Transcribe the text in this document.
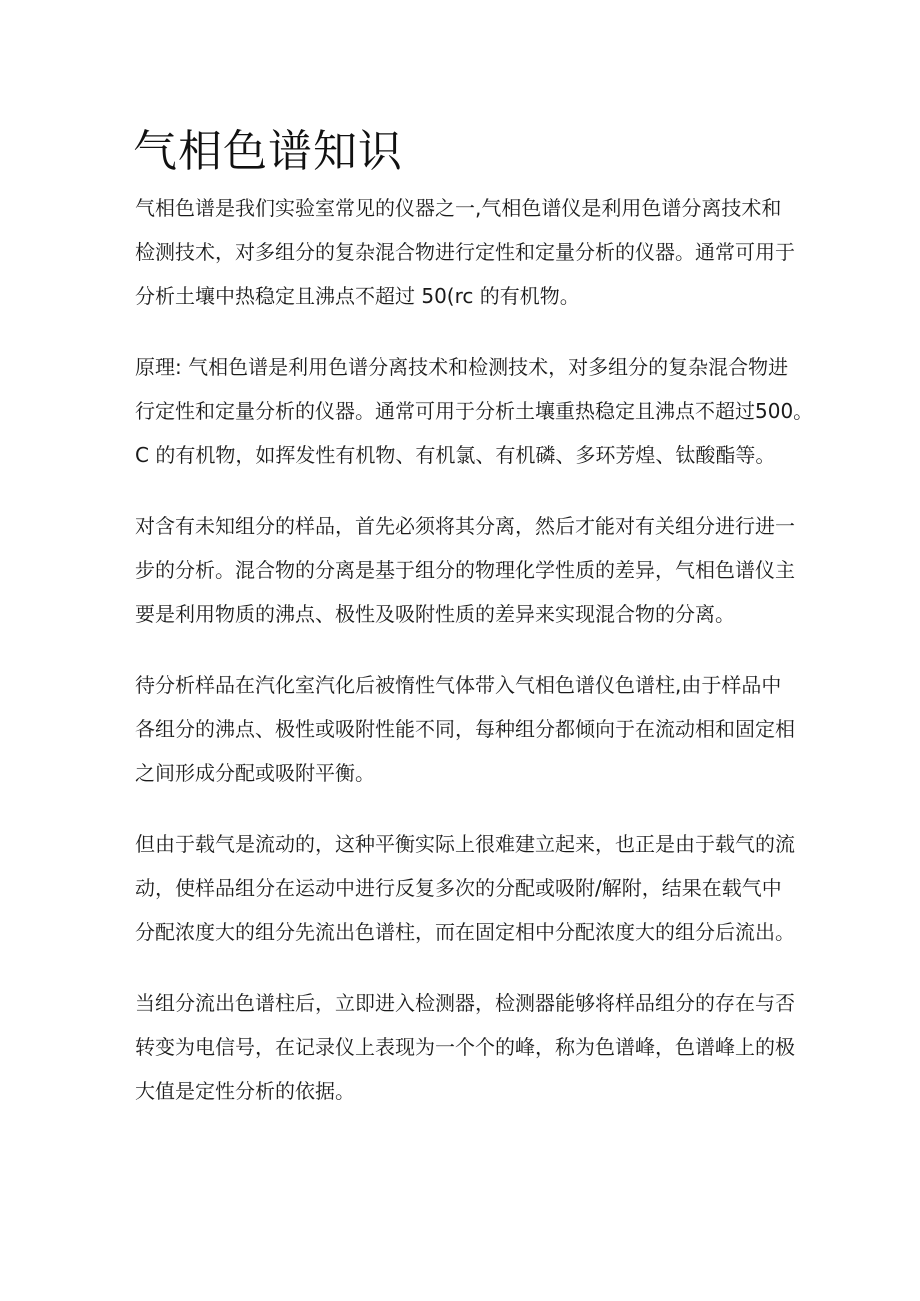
气相色谱知识

气相色谱是我们实验室常见的仪器之一,气相色谱仪是利用色谱分离技术和
检测技术，对多组分的复杂混合物进行定性和定量分析的仪器。通常可用于
分析土壤中热稳定且沸点不超过 50(rc 的有机物。

原理: 气相色谱是利用色谱分离技术和检测技术，对多组分的复杂混合物进
行定性和定量分析的仪器。通常可用于分析土壤重热稳定且沸点不超过500。
C 的有机物，如挥发性有机物、有机氯、有机磷、多环芳煌、钛酸酯等。

对含有未知组分的样品，首先必须将其分离，然后才能对有关组分进行进一
步的分析。混合物的分离是基于组分的物理化学性质的差异，气相色谱仪主
要是利用物质的沸点、极性及吸附性质的差异来实现混合物的分离。

待分析样品在汽化室汽化后被惰性气体带入气相色谱仪色谱柱,由于样品中
各组分的沸点、极性或吸附性能不同，每种组分都倾向于在流动相和固定相
之间形成分配或吸附平衡。

但由于载气是流动的，这种平衡实际上很难建立起来，也正是由于载气的流
动，使样品组分在运动中进行反复多次的分配或吸附/解附，结果在载气中
分配浓度大的组分先流出色谱柱，而在固定相中分配浓度大的组分后流出。

当组分流出色谱柱后，立即进入检测器，检测器能够将样品组分的存在与否
转变为电信号，在记录仪上表现为一个个的峰，称为色谱峰，色谱峰上的极
大值是定性分析的依据。
